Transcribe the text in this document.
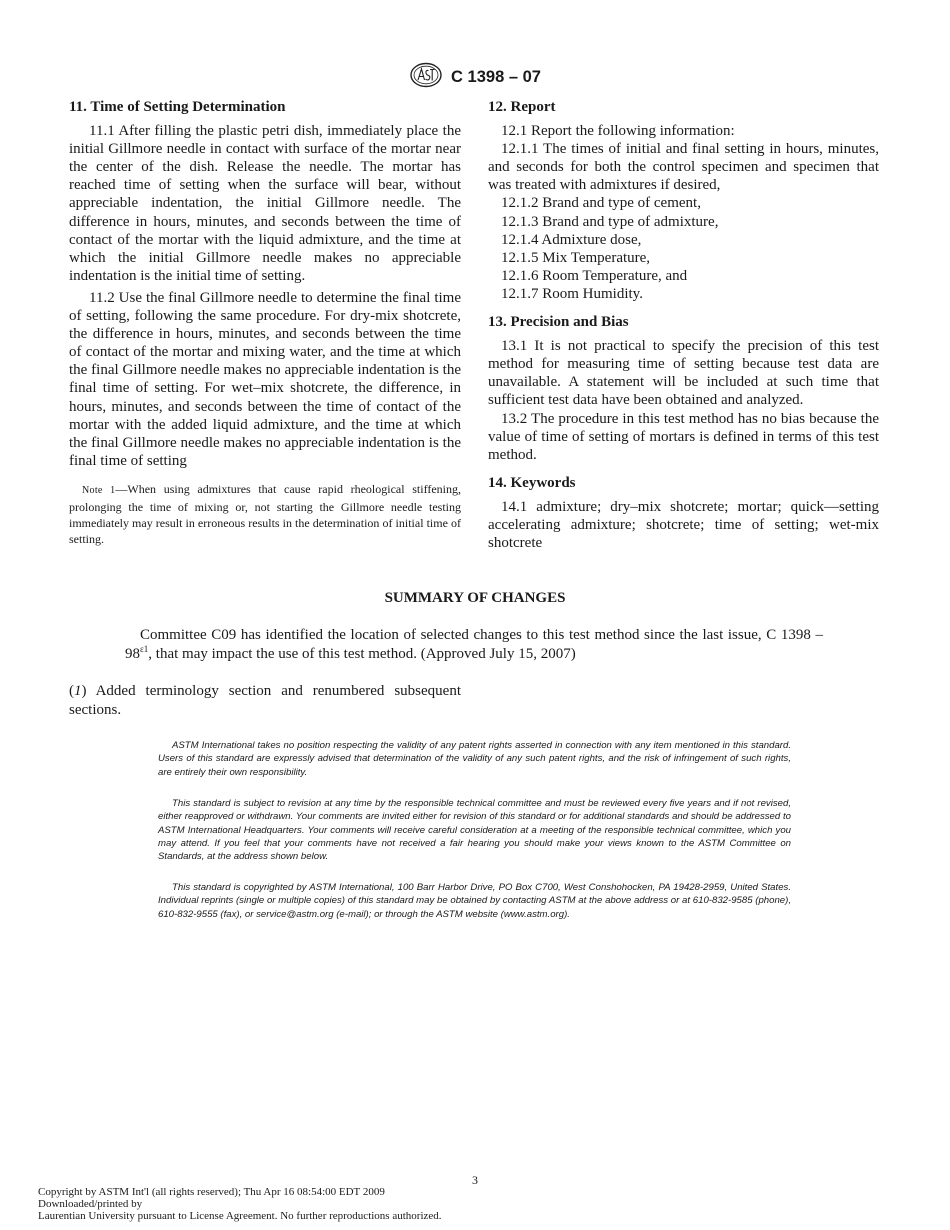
C 1398 – 07
11. Time of Setting Determination

11.1 After filling the plastic petri dish, immediately place the initial Gillmore needle in contact with surface of the mortar near the center of the dish. Release the needle. The mortar has reached time of setting when the surface will bear, without appreciable indentation, the initial Gillmore needle. The difference in hours, minutes, and seconds between the time of contact of the mortar with the liquid admixture, and the time at which the initial Gillmore needle makes no appreciable indentation is the initial time of setting.

11.2 Use the final Gillmore needle to determine the final time of setting, following the same procedure. For dry-mix shotcrete, the difference in hours, minutes, and seconds between the time of contact of the mortar and mixing water, and the time at which the final Gillmore needle makes no appreciable indentation is the final time of setting. For wet–mix shotcrete, the difference, in hours, minutes, and seconds between the time of contact of the mortar with the added liquid admixture, and the time at which the final Gillmore needle makes no appreciable indentation is the final time of setting

Note 1—When using admixtures that cause rapid rheological stiffening, prolonging the time of mixing or, not starting the Gillmore needle testing immediately may result in erroneous results in the determination of initial time of setting.

12. Report

12.1 Report the following information:

12.1.1 The times of initial and final setting in hours, minutes, and seconds for both the control specimen and specimen that was treated with admixtures if desired,

12.1.2 Brand and type of cement,

12.1.3 Brand and type of admixture,

12.1.4 Admixture dose,

12.1.5 Mix Temperature,

12.1.6 Room Temperature, and

12.1.7 Room Humidity.

13. Precision and Bias

13.1 It is not practical to specify the precision of this test method for measuring time of setting because test data are unavailable. A statement will be included at such time that sufficient test data have been obtained and analyzed.

13.2 The procedure in this test method has no bias because the value of time of setting of mortars is defined in terms of this test method.

14. Keywords

14.1 admixture; dry–mix shotcrete; mortar; quick—setting accelerating admixture; shotcrete; time of setting; wet-mix shotcrete

SUMMARY OF CHANGES
Committee C09 has identified the location of selected changes to this test method since the last issue, C $1398 - 98^{\varepsilon 1}$, that may impact the use of this test method. (Approved July 15, 2007)
(1) Added terminology section and renumbered subsequent sections.

ASTM International takes no position respecting the validity of any patent rights asserted in connection with any item mentioned in this standard. Users of this standard are expressly advised that determination of the validity of any such patent rights, and the risk of infringement of such rights, are entirely their own responsibility.

This standard is subject to revision at any time by the responsible technical committee and must be reviewed every five years and if not revised, either reapproved or withdrawn. Your comments are invited either for revision of this standard or for additional standards and should be addressed to ASTM International Headquarters. Your comments will receive careful consideration at a meeting of the responsible technical committee, which you may attend. If you feel that your comments have not received a fair hearing you should make your views known to the ASTM Committee on Standards, at the address shown below.

This standard is copyrighted by ASTM International, 100 Barr Harbor Drive, PO Box C700, West Conshohocken, PA 19428-2959, United States. Individual reprints (single or multiple copies) of this standard may be obtained by contacting ASTM at the above address or at 610-832-9585 (phone), 610-832-9555 (fax), or service@astm.org (e-mail); or through the ASTM website (www.astm.org).

3
Copyright by ASTM Int'l (all rights reserved); Thu Apr 16 08:54:00 EDT 2009
Downloaded/printed by
Laurentian University pursuant to License Agreement. No further reproductions authorized.
